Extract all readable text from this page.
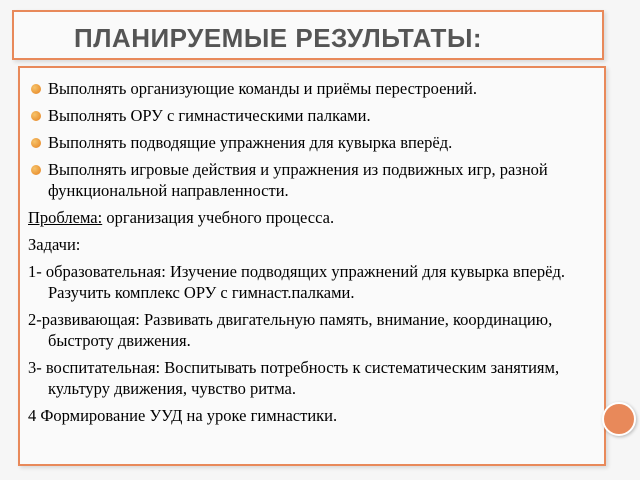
ПЛАНИРУЕМЫЕ РЕЗУЛЬТАТЫ:
Выполнять организующие команды и приёмы перестроений.
Выполнять ОРУ с гимнастическими палками.
Выполнять подводящие упражнения для кувырка вперёд.
Выполнять игровые действия и упражнения из подвижных игр, разной функциональной направленности.

Проблема: организация учебного процесса.

Задачи:

1- образовательная: Изучение подводящих упражнений для кувырка вперёд. Разучить комплекс ОРУ с гимнаст.палками.

2-развивающая: Развивать двигательную память, внимание, координацию, быстроту движения.

3- воспитательная: Воспитывать потребность к систематическим занятиям, культуру движения, чувство ритма.

4 Формирование УУД на уроке гимнастики.
